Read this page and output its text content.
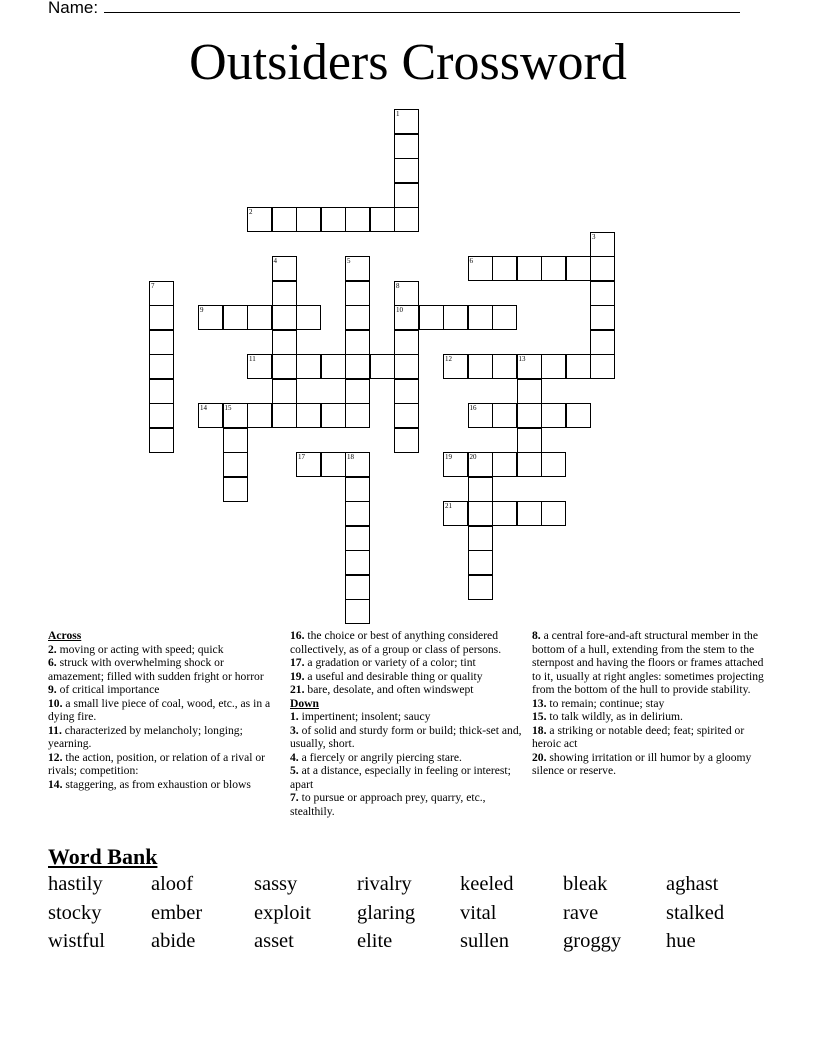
Name:
Outsiders Crossword
1
2
3
4	5	6
7	8
10
9
11	12	13
14	15	16
17	18	19	20
21
Across
2. moving or acting with speed; quick
6. struck with overwhelming shock or amazement; filled with sudden fright or horror
9. of critical importance
10. a small live piece of coal, wood, etc., as in a dying fire.
11. characterized by melancholy; longing; yearning.
12. the action, position, or relation of a rival or rivals; competition:
14. staggering, as from exhaustion or blows
16. the choice or best of anything considered collectively, as of a group or class of persons.
17. a gradation or variety of a color; tint
19. a useful and desirable thing or quality
21. bare, desolate, and often windswept
Down
1. impertinent; insolent; saucy
3. of solid and sturdy form or build; thick-set and, usually, short.
4. a fiercely or angrily piercing stare.
5. at a distance, especially in feeling or interest; apart
7. to pursue or approach prey, quarry, etc., stealthily.
8. a central fore-and-aft structural member in the bottom of a hull, extending from the stem to the sternpost and having the floors or frames attached to it, usually at right angles: sometimes projecting from the bottom of the hull to provide stability.
13. to remain; continue; stay
15. to talk wildly, as in delirium.
18. a striking or notable deed; feat; spirited or heroic act
20. showing irritation or ill humor by a gloomy silence or reserve.
Word Bank
hastily	aloof	sassy	rivalry	keeled	bleak	aghast
stocky	ember	exploit	glaring	vital	rave	stalked
wistful	abide	asset	elite	sullen	groggy	hue
